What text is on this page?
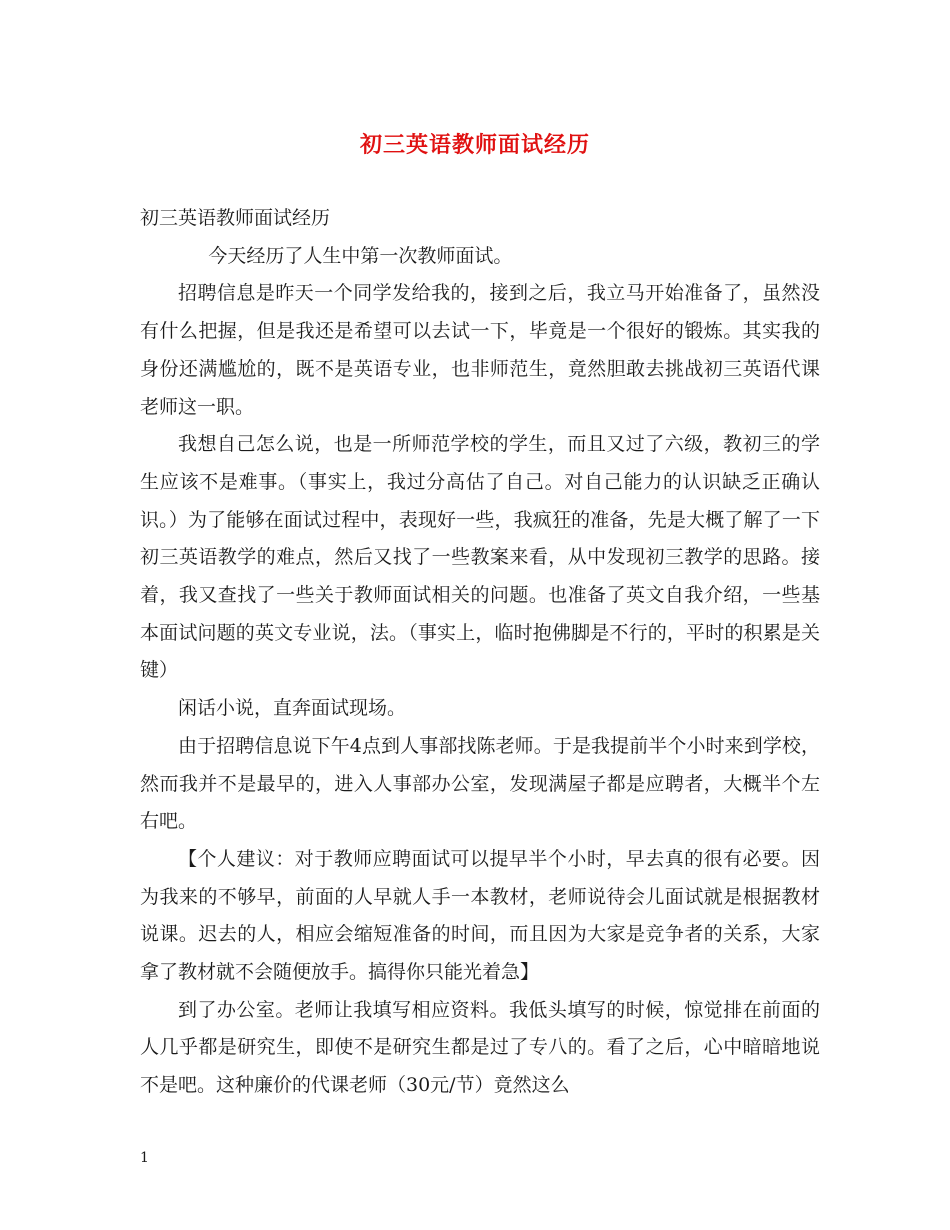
初三英语教师面试经历

初三英语教师面试经历

今天经历了人生中第一次教师面试。

招聘信息是昨天一个同学发给我的，接到之后，我立马开始准备了，虽然没有什么把握，但是我还是希望可以去试一下，毕竟是一个很好的锻炼。其实我的身份还满尴尬的，既不是英语专业，也非师范生，竟然胆敢去挑战初三英语代课老师这一职。

我想自己怎么说，也是一所师范学校的学生，而且又过了六级，教初三的学生应该不是难事。（事实上，我过分高估了自己。对自己能力的认识缺乏正确认识。）为了能够在面试过程中，表现好一些，我疯狂的准备，先是大概了解了一下初三英语教学的难点，然后又找了一些教案来看，从中发现初三教学的思路。接着，我又查找了一些关于教师面试相关的问题。也准备了英文自我介绍，一些基本面试问题的英文专业说，法。（事实上，临时抱佛脚是不行的，平时的积累是关键）

闲话小说，直奔面试现场。

由于招聘信息说下午4点到人事部找陈老师。于是我提前半个小时来到学校，然而我并不是最早的，进入人事部办公室，发现满屋子都是应聘者，大概半个左右吧。

【个人建议：对于教师应聘面试可以提早半个小时，早去真的很有必要。因为我来的不够早，前面的人早就人手一本教材，老师说待会儿面试就是根据教材说课。迟去的人，相应会缩短准备的时间，而且因为大家是竞争者的关系，大家拿了教材就不会随便放手。搞得你只能光着急】

到了办公室。老师让我填写相应资料。我低头填写的时候，惊觉排在前面的人几乎都是研究生，即使不是研究生都是过了专八的。看了之后，心中暗暗地说不是吧。这种廉价的代课老师（30元/节）竟然这么

1
